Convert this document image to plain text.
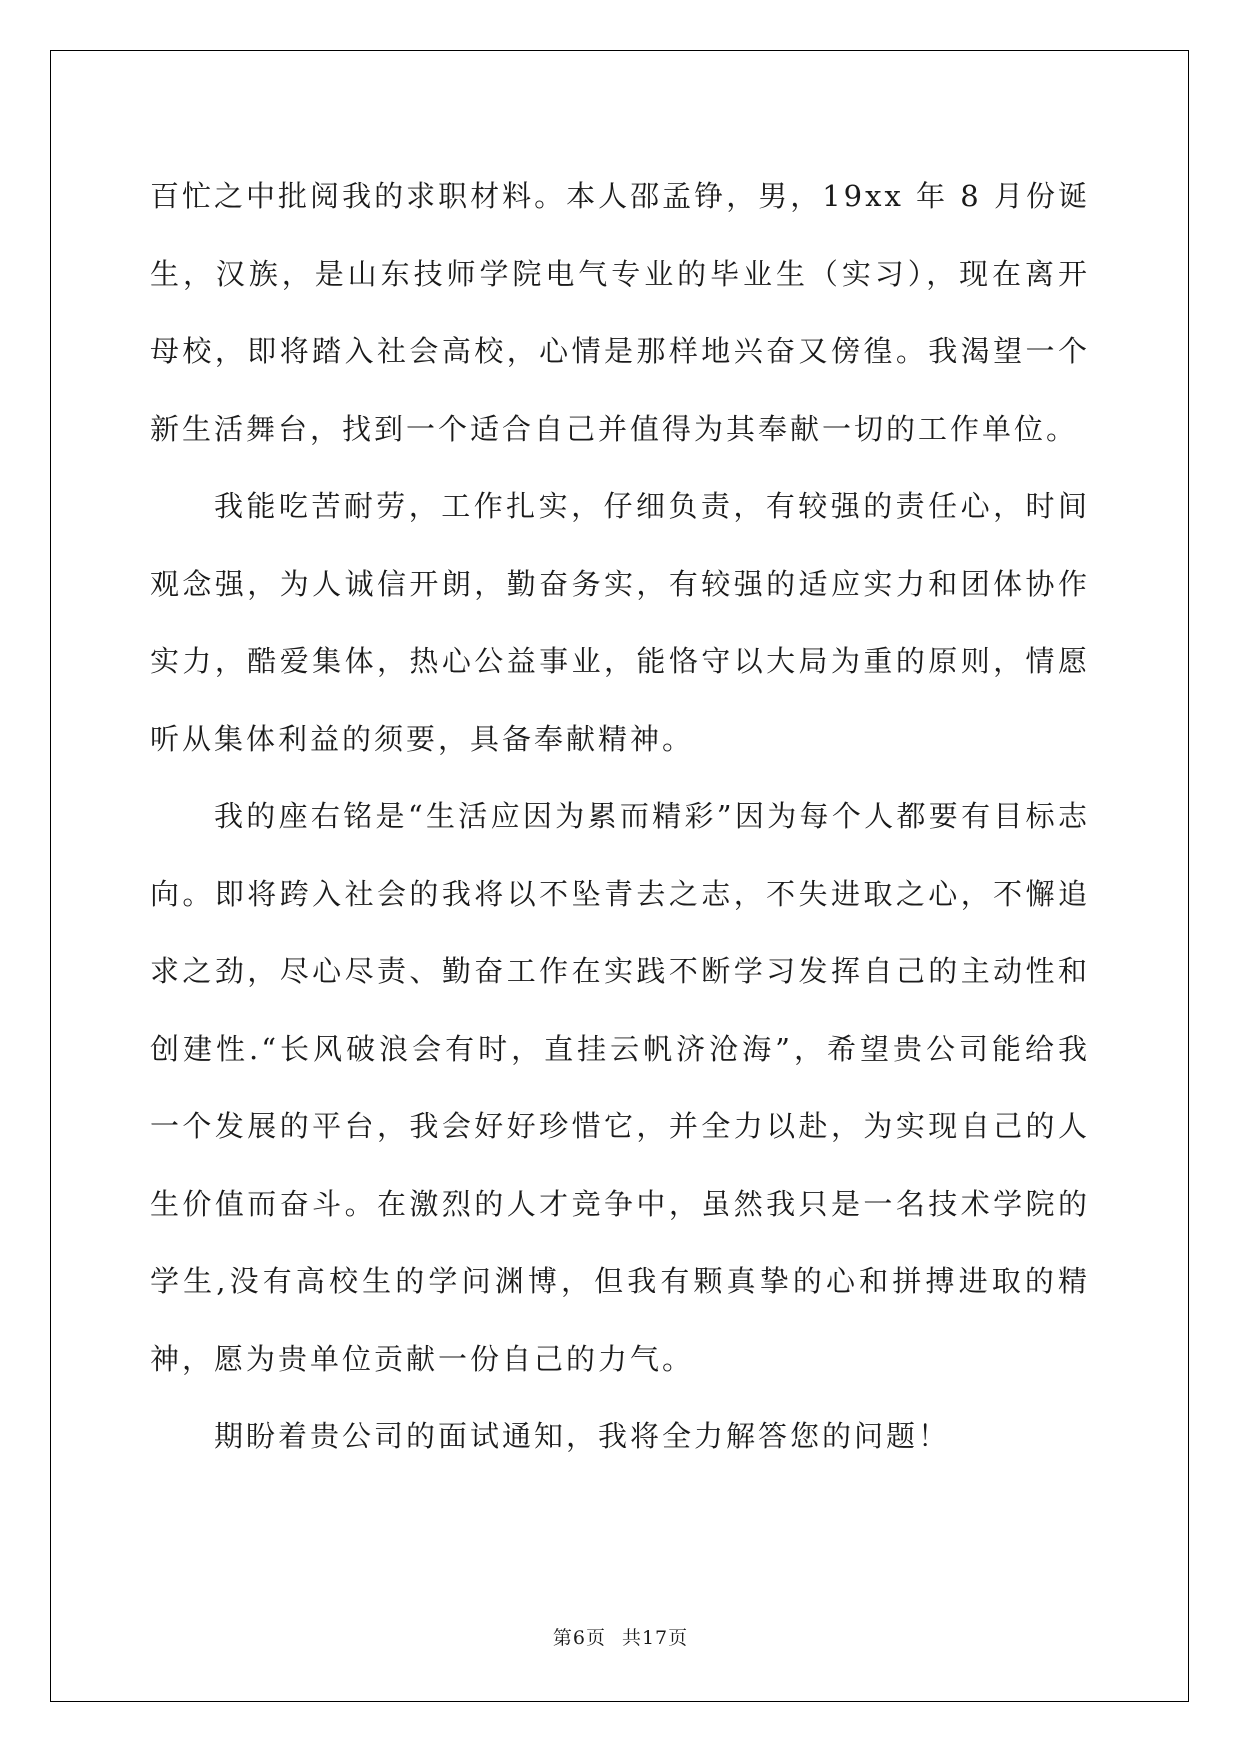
百忙之中批阅我的求职材料。本人邵孟铮，男，19xx 年 8 月份诞生，汉族，是山东技师学院电气专业的毕业生（实习），现在离开母校，即将踏入社会高校，心情是那样地兴奋又傍徨。我渴望一个新生活舞台，找到一个适合自己并值得为其奉献一切的工作单位。

我能吃苦耐劳，工作扎实，仔细负责，有较强的责任心，时间观念强，为人诚信开朗，勤奋务实，有较强的适应实力和团体协作实力，酷爱集体，热心公益事业，能恪守以大局为重的原则，情愿听从集体利益的须要，具备奉献精神。

我的座右铭是“生活应因为累而精彩”因为每个人都要有目标志向。即将跨入社会的我将以不坠青去之志，不失进取之心，不懈追求之劲，尽心尽责、勤奋工作在实践不断学习发挥自己的主动性和创建性.“长风破浪会有时，直挂云帆济沧海”，希望贵公司能给我一个发展的平台，我会好好珍惜它，并全力以赴，为实现自己的人生价值而奋斗。在激烈的人才竞争中，虽然我只是一名技术学院的学生,没有高校生的学问渊博，但我有颗真挚的心和拼搏进取的精神，愿为贵单位贡献一份自己的力气。

期盼着贵公司的面试通知，我将全力解答您的问题！

第6页 共17页
